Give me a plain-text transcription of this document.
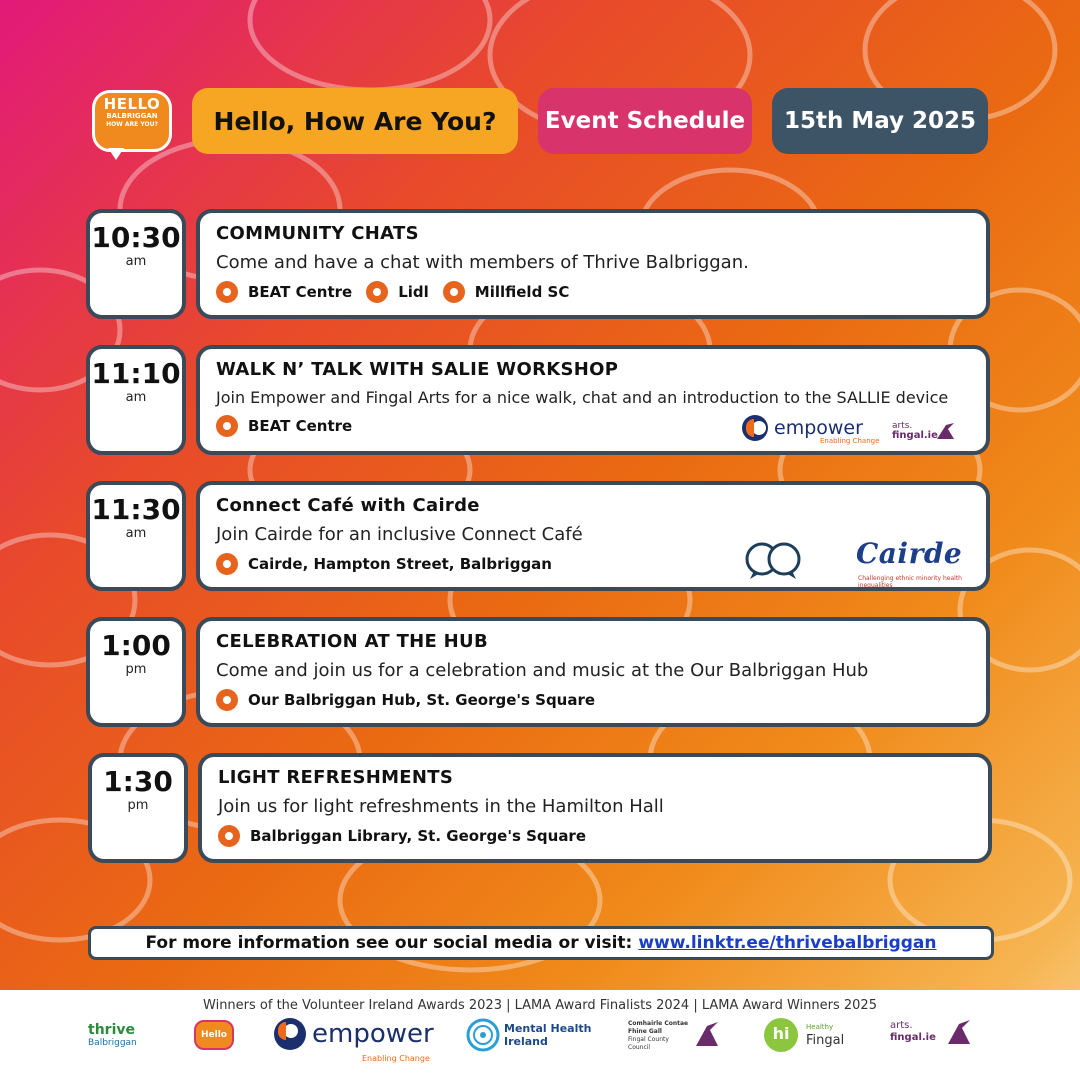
HELLO
BALBRIGGAN
HOW ARE YOU?	Hello, How Are You?	Event Schedule	15th May 2025
10:30
am
COMMUNITY CHATS
Come and have a chat with members of Thrive Balbriggan.
BEAT Centre	Lidl	Millfield SC
11:10
am
WALK N’ TALK WITH SALIE WORKSHOP
Join Empower and Fingal Arts for a nice walk, chat and an introduction to the SALLIE device
BEAT Centre	empower
Enabling Change
arts.
fingal.ie
11:30
am
Connect Café with Cairde
Join Cairde for an inclusive Connect Café
Cairde, Hampton Street, Balbriggan	Cairde
Challenging ethnic minority health inequalities
1:00
pm
CELEBRATION AT THE HUB
Come and join us for a celebration and music at the Our Balbriggan Hub
Our Balbriggan Hub, St. George's Square
1:30
pm
LIGHT REFRESHMENTS
Join us for light refreshments in the Hamilton Hall
Balbriggan Library, St. George's Square
For more information see our social media or visit: www.linktr.ee/thrivebalbriggan
Winners of the Volunteer Ireland Awards 2023 | LAMA Award Finalists 2024 | LAMA Award Winners 2025
thrive
Balbriggan
Hello	empower
Enabling Change
Mental Health
Ireland
Comhairle Contae
Fhine Gall
Fingal County
Council
hi	Healthy
Fingal
arts.
fingal.ie
